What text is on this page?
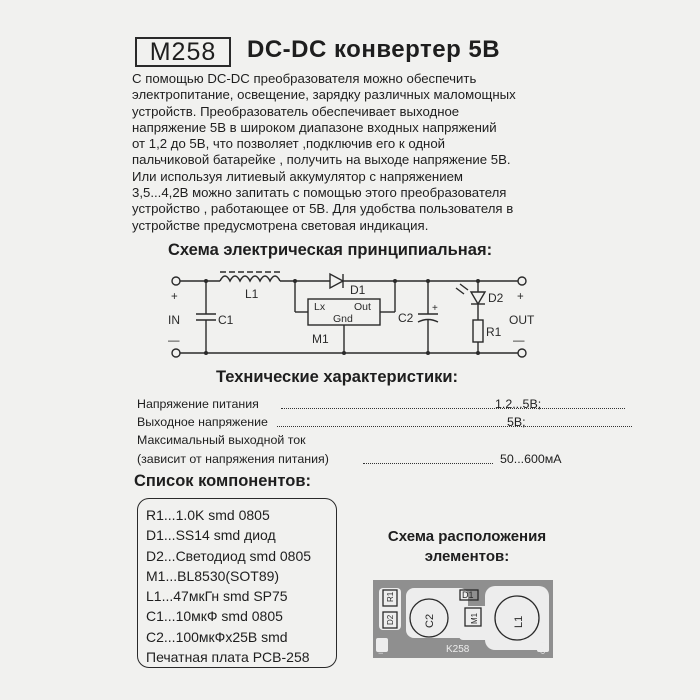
M258	DC-DC конвертер 5В
С помощью DC-DC преобразователя можно обеспечить
электропитание, освещение, зарядку различных маломощных
устройств. Преобразователь обеспечивает выходное
напряжение 5В в широком диапазоне входных напряжений
от 1,2 до 5В, что позволяет ,подключив его к одной
пальчиковой батарейке , получить на выходе напряжение 5В.
Или используя литиевый аккумулятор с напряжением
3,5...4,2В можно запитать с помощью этого преобразователя
устройство , работающее от 5В. Для удобства пользователя в
устройстве предусмотрена световая индикация.
Схема электрическая принципиальная:
+
—
IN	C1
L1	D1
Lx	Out
Gnd
M1
C2
+
D2
R1
OUT
+
—
Технические характеристики:
Напряжение питания	1.2...5В;
Выходное напряжение	5В;
Максимальный выходной ток
(зависит от напряжения питания)	50...600мА
Список компонентов:
R1...1.0K smd 0805
D1...SS14 smd диод
D2...Светодиод smd 0805
M1...BL8530(SOT89)
L1...47мкГн smd SP75
C1...10мкФ smd 0805
C2...100мкФх25В smd
Печатная плата PCB-258
Схема расположения
элементов:
R1
D2	C2
D1
M1	L1
K258
IN	OUT
